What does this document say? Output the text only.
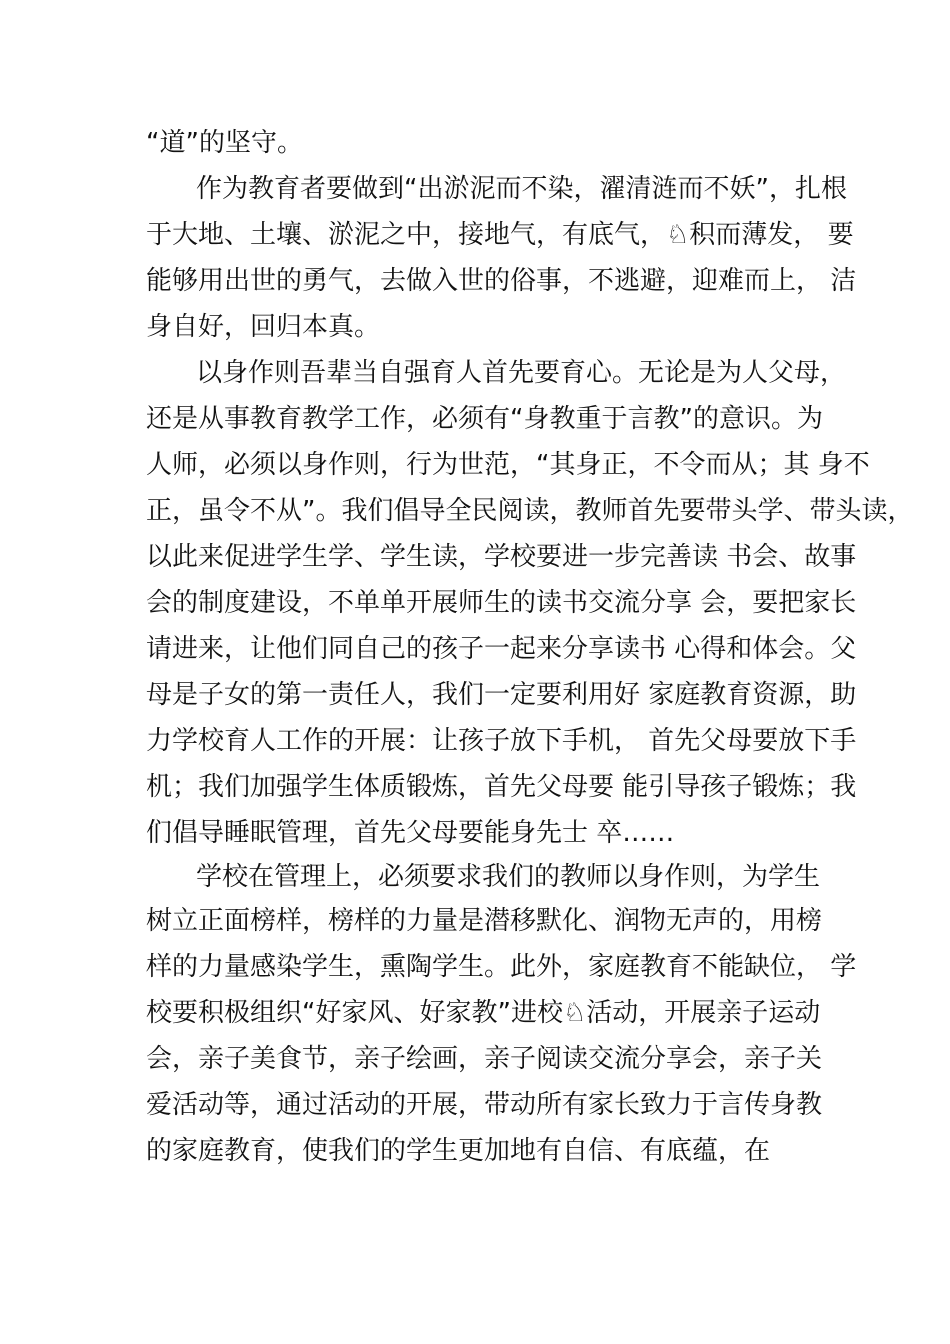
“道”的坚守。
作为教育者要做到“出淤泥而不染，濯清涟而不妖”，扎根
于大地、土壤、淤泥之中，接地气，有底气，♘积而薄发， 要
能够用出世的勇气，去做入世的俗事，不逃避，迎难而上， 洁
身自好，回归本真。
以身作则吾辈当自强育人首先要育心。无论是为人父母，
还是从事教育教学工作，必须有“身教重于言教”的意识。为
人师，必须以身作则，行为世范，“其身正，不令而从；其 身不
正，虽令不从”。我们倡导全民阅读，教师首先要带头学、带头读，
以此来促进学生学、学生读，学校要进一步完善读 书会、故事
会的制度建设，不单单开展师生的读书交流分享 会，要把家长
请进来，让他们同自己的孩子一起来分享读书 心得和体会。父
母是子女的第一责任人，我们一定要利用好 家庭教育资源，助
力学校育人工作的开展：让孩子放下手机， 首先父母要放下手
机；我们加强学生体质锻炼，首先父母要 能引导孩子锻炼；我
们倡导睡眠管理，首先父母要能身先士 卒……
学校在管理上，必须要求我们的教师以身作则，为学生
树立正面榜样，榜样的力量是潜移默化、润物无声的，用榜
样的力量感染学生，熏陶学生。此外，家庭教育不能缺位， 学
校要积极组织“好家风、好家教”进校♘活动，开展亲子运动
会，亲子美食节，亲子绘画，亲子阅读交流分享会，亲子关
爱活动等，通过活动的开展，带动所有家长致力于言传身教
的家庭教育，使我们的学生更加地有自信、有底蕴，在
